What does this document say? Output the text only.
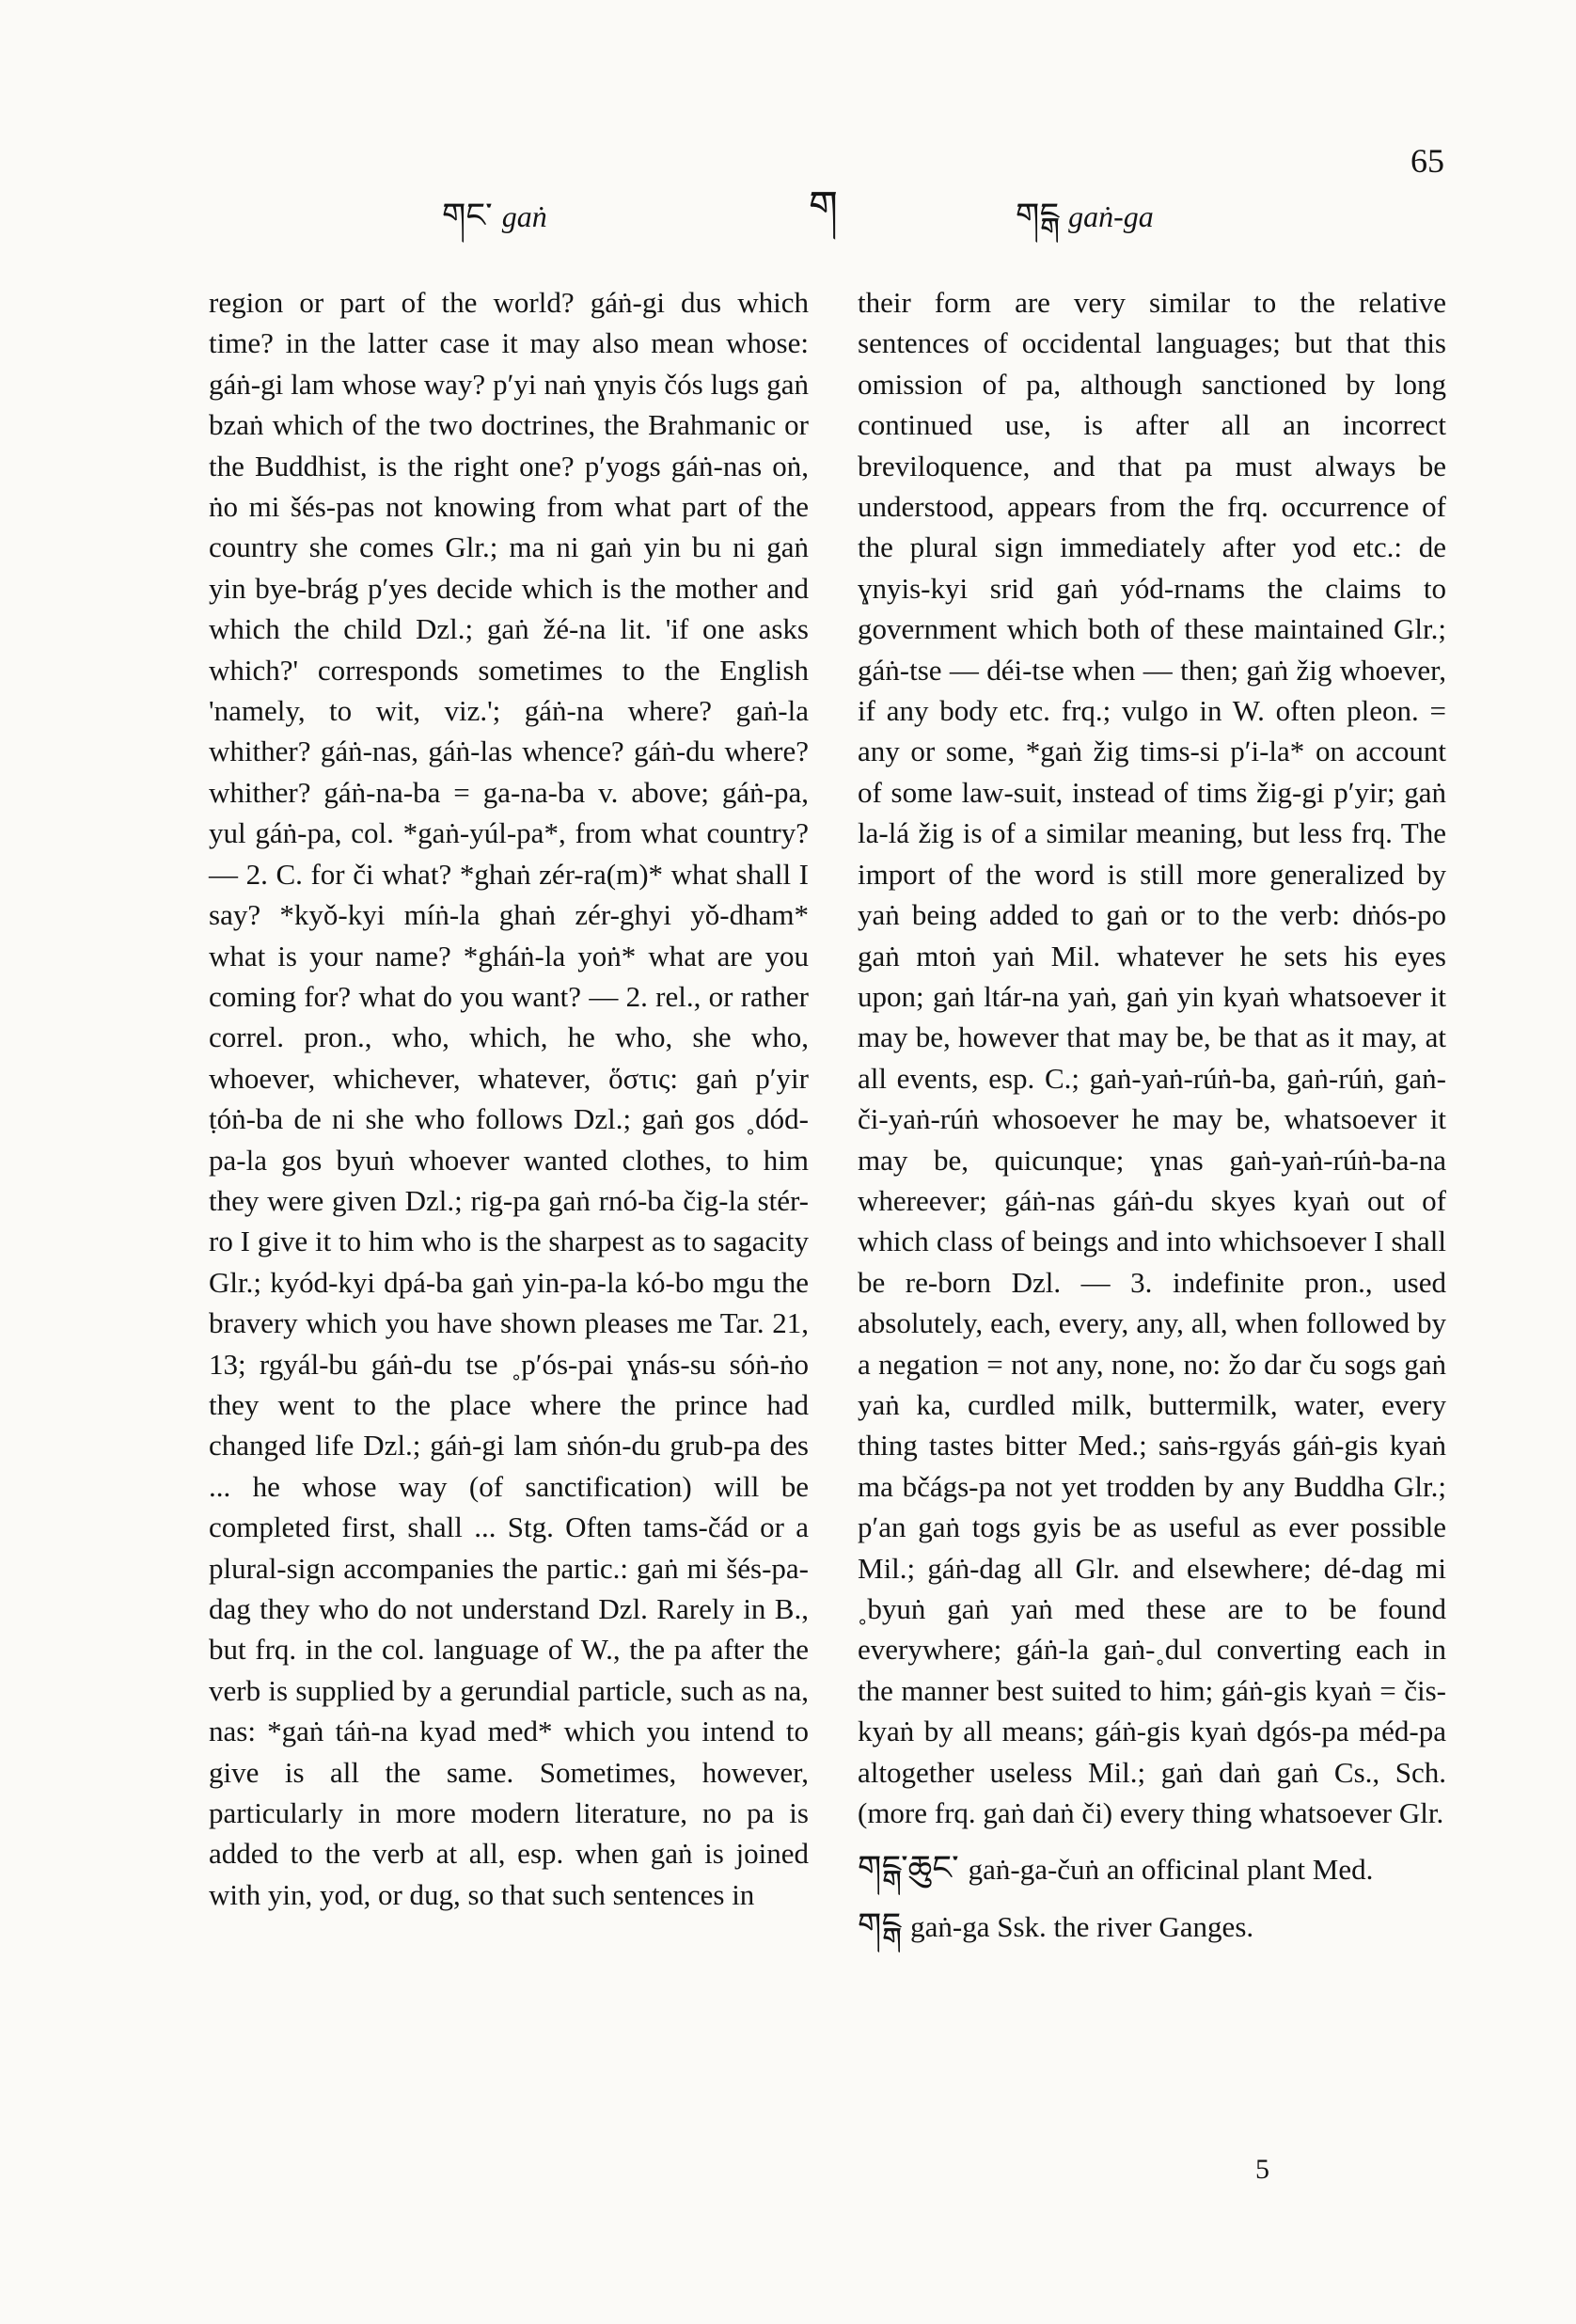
65
གང་ gaṅ	ག	གངྒ gaṅ-ga

region or part of the world? gáṅ-gi dus which time? in the latter case it may also mean whose: gáṅ-gi lam whose way? pʹyi naṅ ɣnyis čós lugs gaṅ bzaṅ which of the two doctrines, the Brahmanic or the Buddhist, is the right one? pʹyogs gáṅ-nas oṅ, ṅo mi šés-pas not knowing from what part of the country she comes Glr.; ma ni gaṅ yin bu ni gaṅ yin bye-brág pʹyes decide which is the mother and which the child Dzl.; gaṅ žé-na lit. 'if one asks which?' corresponds sometimes to the English 'namely, to wit, viz.'; gáṅ-na where? gaṅ-la whither? gáṅ-nas, gáṅ-las whence? gáṅ-du where? whither? gáṅ-na-ba = ga-na-ba v. above; gáṅ-pa, yul gáṅ-pa, col. *gaṅ-yúl-pa*, from what country? — 2. C. for či what? *ghaṅ zér-ra(m)* what shall I say? *kyǒ-kyi míṅ-la ghaṅ zér-ghyi yǒ-dham* what is your name? *gháṅ-la yoṅ* what are you coming for? what do you want? — 2. rel., or rather correl. pron., who, which, he who, she who, whoever, whichever, whatever, ὅστις: gaṅ pʹyir ṭóṅ-ba de ni she who follows Dzl.; gaṅ gos ˳dód-pa-la gos byuṅ whoever wanted clothes, to him they were given Dzl.; rig-pa gaṅ rnó-ba čig-la stér-ro I give it to him who is the sharpest as to sagacity Glr.; kyód-kyi dpá-ba gaṅ yin-pa-la kó-bo mgu the bravery which you have shown pleases me Tar. 21, 13; rgyál-bu gáṅ-du tse ˳pʹós-pai ɣnás-su sóṅ-ṅo they went to the place where the prince had changed life Dzl.; gáṅ-gi lam sṅón-du grub-pa des ... he whose way (of sanctification) will be completed first, shall ... Stg. Often tams-čád or a plural-sign accompanies the partic.: gaṅ mi šés-pa-dag they who do not understand Dzl. Rarely in B., but frq. in the col. language of W., the pa after the verb is supplied by a gerundial particle, such as na, nas: *gaṅ táṅ-na kyad med* which you intend to give is all the same. Sometimes, however, particularly in more modern literature, no pa is added to the verb at all, esp. when gaṅ is joined with yin, yod, or dug, so that such sentences in

their form are very similar to the relative sentences of occidental languages; but that this omission of pa, although sanctioned by long continued use, is after all an incorrect breviloquence, and that pa must always be understood, appears from the frq. occurrence of the plural sign immediately after yod etc.: de ɣnyis-kyi srid gaṅ yód-rnams the claims to government which both of these maintained Glr.; gáṅ-tse — déi-tse when — then; gaṅ žig whoever, if any body etc. frq.; vulgo in W. often pleon. = any or some, *gaṅ žig tims-si pʹi-la* on account of some law-suit, instead of tims žig-gi pʹyir; gaṅ la-lá žig is of a similar meaning, but less frq. The import of the word is still more generalized by yaṅ being added to gaṅ or to the verb: dṅós-po gaṅ mtoṅ yaṅ Mil. whatever he sets his eyes upon; gaṅ ltár-na yaṅ, gaṅ yin kyaṅ whatsoever it may be, however that may be, be that as it may, at all events, esp. C.; gaṅ-yaṅ-rúṅ-ba, gaṅ-rúṅ, gaṅ-či-yaṅ-rúṅ whosoever he may be, whatsoever it may be, quicunque; ɣnas gaṅ-yaṅ-rúṅ-ba-na whereever; gáṅ-nas gáṅ-du skyes kyaṅ out of which class of beings and into whichsoever I shall be re-born Dzl. — 3. indefinite pron., used absolutely, each, every, any, all, when followed by a negation = not any, none, no: žo dar ču sogs gaṅ yaṅ ka, curdled milk, buttermilk, water, every thing tastes bitter Med.; saṅs-rgyás gáṅ-gis kyaṅ ma bčágs-pa not yet trodden by any Buddha Glr.; pʹan gaṅ togs gyis be as useful as ever possible Mil.; gáṅ-dag all Glr. and elsewhere; dé-dag mi ˳byuṅ gaṅ yaṅ med these are to be found everywhere; gáṅ-la gaṅ-˳dul converting each in the manner best suited to him; gáṅ-gis kyaṅ = čis-kyaṅ by all means; gáṅ-gis kyaṅ dgós-pa méd-pa altogether useless Mil.; gaṅ daṅ gaṅ Cs., Sch. (more frq. gaṅ daṅ či) every thing whatsoever Glr.

གངྒ་ཆུང་ gaṅ-ga-čuṅ an officinal plant Med.

གངྒ gaṅ-ga Ssk. the river Ganges.

5
